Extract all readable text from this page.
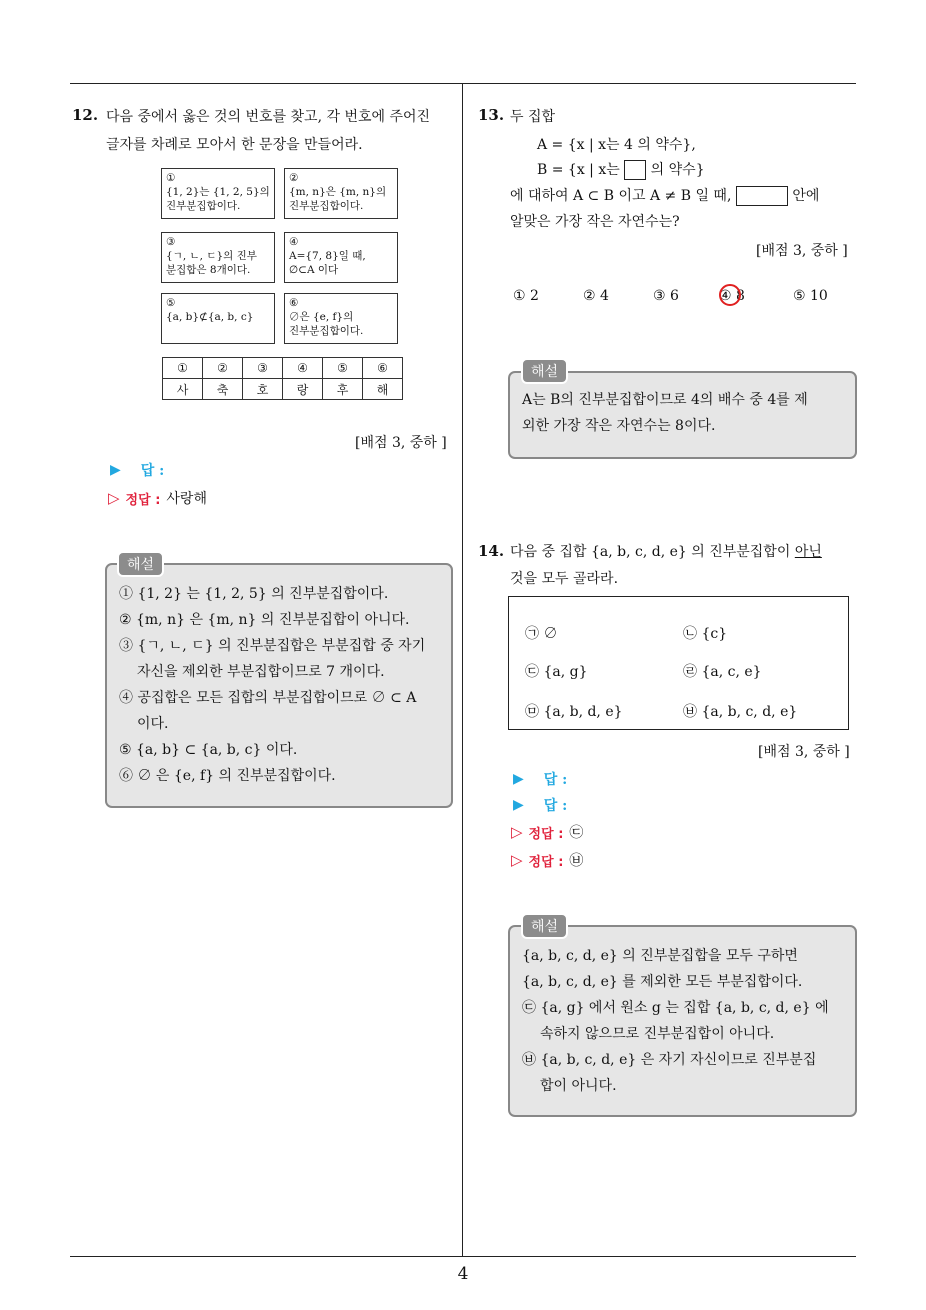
4
12. 다음 중에서 옳은 것의 번호를 찾고, 각 번호에 주어진
글자를 차례로 모아서 한 문장을 만들어라.
①
{1, 2}는 {1, 2, 5}의
진부분집합이다.
②
{m, n}은 {m, n}의
진부분집합이다.
③
{ㄱ, ㄴ, ㄷ}의 진부
분집합은 8개이다.
④
A={7, 8}일 때,
∅⊂A 이다
⑤
{a, b}⊄{a, b, c}
⑥
∅은 {e, f}의
진부분집합이다.
①	②	③	④	⑤	⑥
사	축	호	랑	후	해
[배점 3, 중하 ]
▶ 답 :
▷ 정답 : 사랑해
① {1, 2} 는 {1, 2, 5} 의 진부분집합이다.
② {m, n} 은 {m, n} 의 진부분집합이 아니다.
③ {ㄱ, ㄴ, ㄷ} 의 진부분집합은 부분집합 중 자기
자신을 제외한 부분집합이므로 7 개이다.
④ 공집합은 모든 집합의 부분집합이므로 ∅ ⊂ A
이다.
⑤ {a, b} ⊂ {a, b, c} 이다.
⑥ ∅ 은 {e, f} 의 진부분집합이다.
해설
13. 두 집합
A = {x | x는 4 의 약수},
B = {x | x는 의 약수}
에 대하여 A ⊂ B 이고 A ≠ B 일 때,	안에
알맞은 가장 작은 자연수는?
[배점 3, 중하 ]
① 2	② 4	③ 6	④ 8	⑤ 10
A는 B의 진부분집합이므로 4의 배수 중 4를 제
외한 가장 작은 자연수는 8이다.
해설
14. 다음 중 집합 {a, b, c, d, e} 의 진부분집합이 아닌
것을 모두 골라라.
㉠ ∅	㉡ {c}
㉢ {a, g}	㉣ {a, c, e}
㉤ {a, b, d, e}	㉥ {a, b, c, d, e}
[배점 3, 중하 ]
▶ 답 :
▶ 답 :
▷ 정답 : ㉢
▷ 정답 : ㉥
{a, b, c, d, e} 의 진부분집합을 모두 구하면
{a, b, c, d, e} 를 제외한 모든 부분집합이다.
㉢ {a, g} 에서 원소 g 는 집합 {a, b, c, d, e} 에
속하지 않으므로 진부분집합이 아니다.
㉥ {a, b, c, d, e} 은 자기 자신이므로 진부분집
합이 아니다.
해설
